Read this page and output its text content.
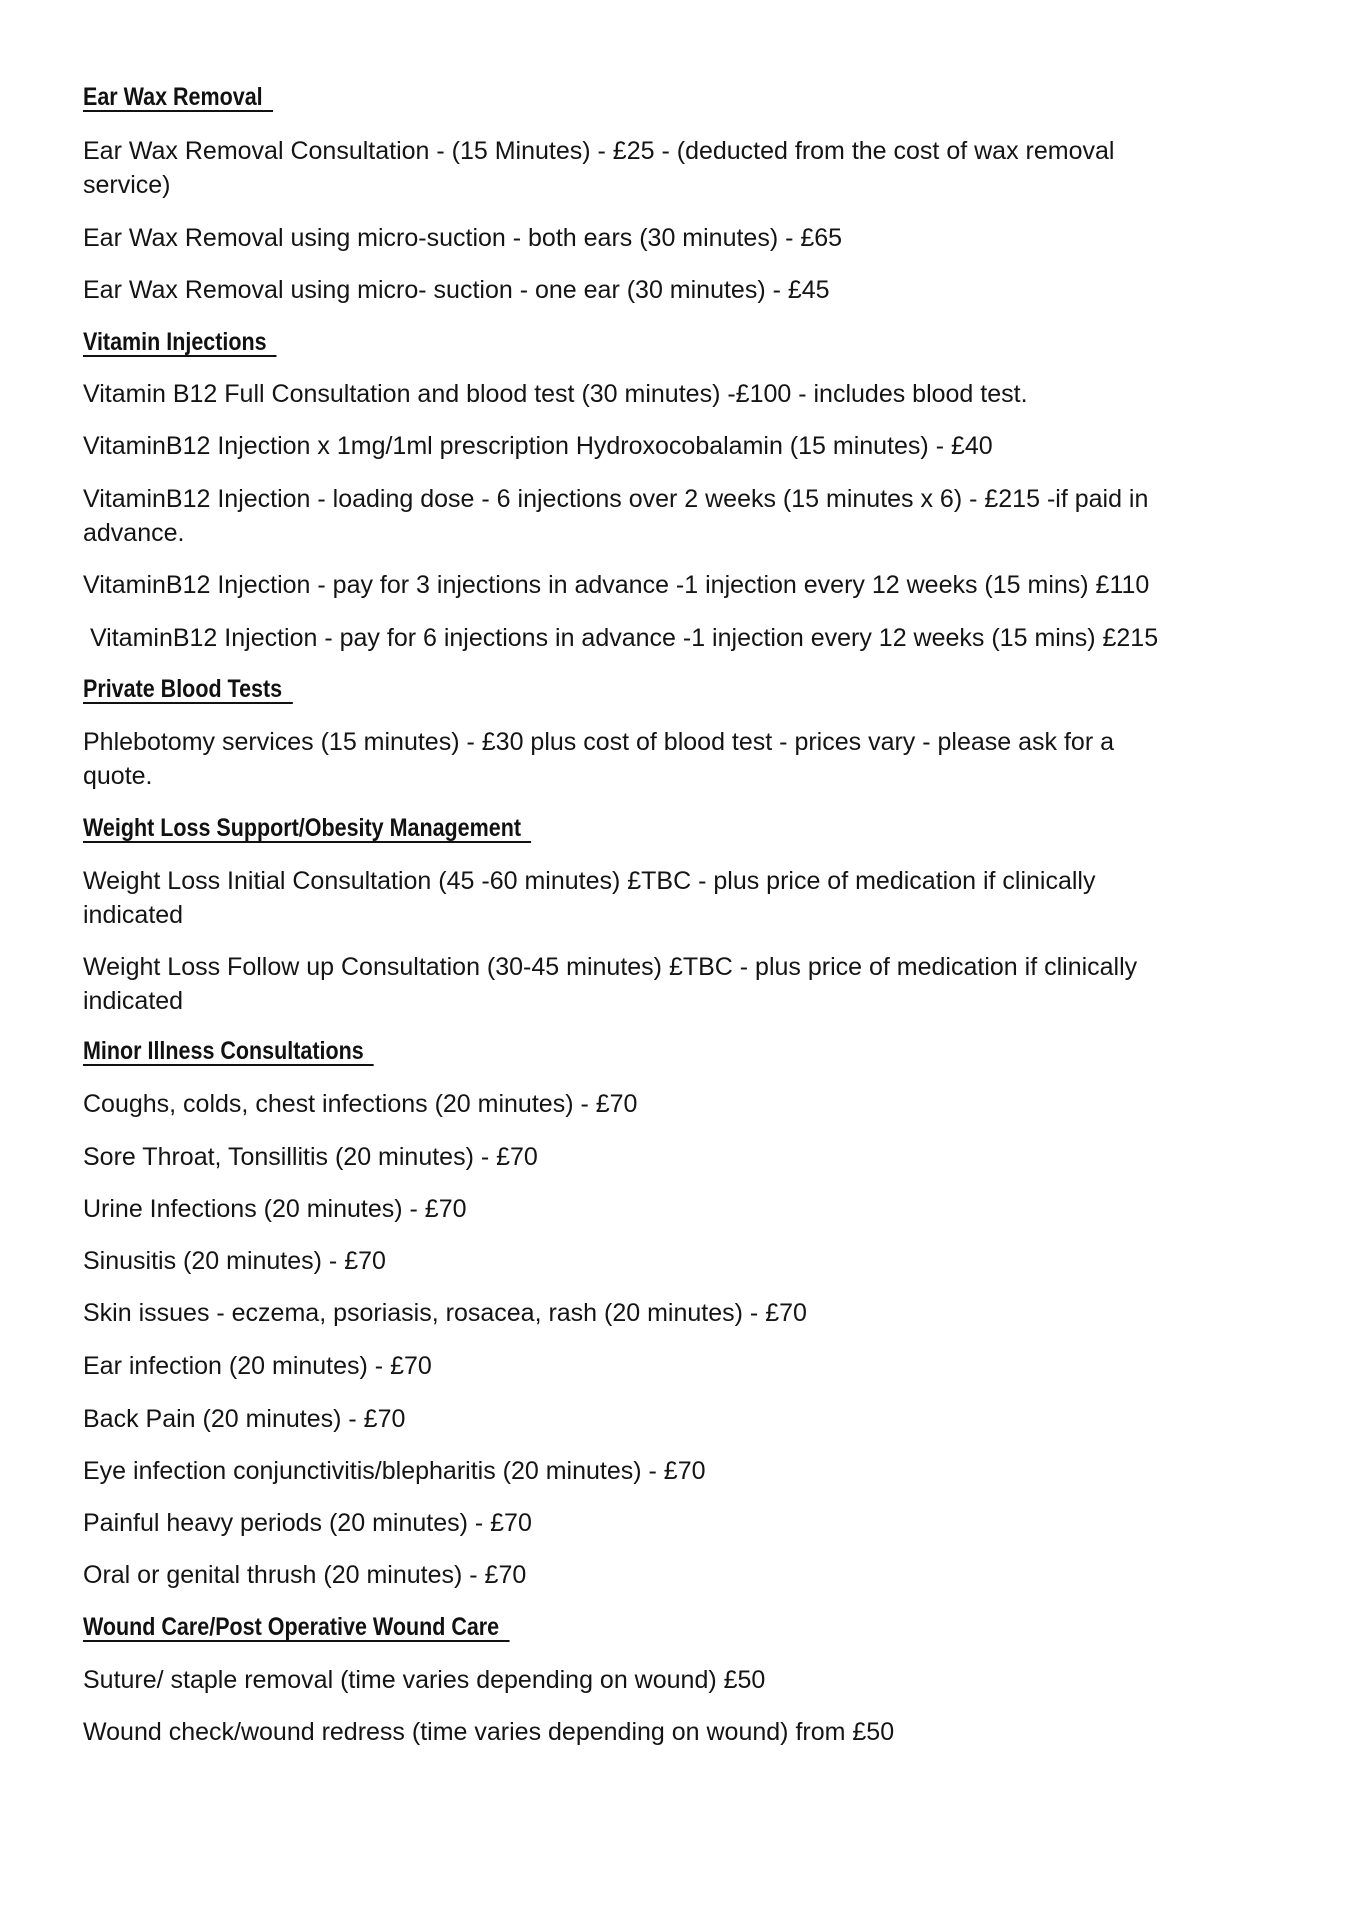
Ear Wax Removal
Ear Wax Removal Consultation - (15 Minutes) - £25 - (deducted from the cost of wax removal
service)
Ear Wax Removal using micro-suction - both ears (30 minutes) - £65
Ear Wax Removal using micro- suction - one ear (30 minutes) - £45
Vitamin Injections
Vitamin B12 Full Consultation and blood test (30 minutes) -£100 - includes blood test.
VitaminB12 Injection x 1mg/1ml prescription Hydroxocobalamin (15 minutes) - £40
VitaminB12 Injection - loading dose - 6 injections over 2 weeks (15 minutes x 6) - £215 -if paid in
advance.
VitaminB12 Injection - pay for 3 injections in advance -1 injection every 12 weeks (15 mins) £110
VitaminB12 Injection - pay for 6 injections in advance -1 injection every 12 weeks (15 mins) £215
Private Blood Tests
Phlebotomy services (15 minutes) - £30 plus cost of blood test - prices vary - please ask for a
quote.
Weight Loss Support/Obesity Management
Weight Loss Initial Consultation (45 -60 minutes) £TBC - plus price of medication if clinically
indicated
Weight Loss Follow up Consultation (30-45 minutes) £TBC - plus price of medication if clinically
indicated
Minor Illness Consultations
Coughs, colds, chest infections (20 minutes) - £70
Sore Throat, Tonsillitis (20 minutes) - £70
Urine Infections (20 minutes) - £70
Sinusitis (20 minutes) - £70
Skin issues - eczema, psoriasis, rosacea, rash (20 minutes) - £70
Ear infection (20 minutes) - £70
Back Pain (20 minutes) - £70
Eye infection conjunctivitis/blepharitis (20 minutes) - £70
Painful heavy periods (20 minutes) - £70
Oral or genital thrush (20 minutes) - £70
Wound Care/Post Operative Wound Care
Suture/ staple removal (time varies depending on wound) £50
Wound check/wound redress (time varies depending on wound) from £50
